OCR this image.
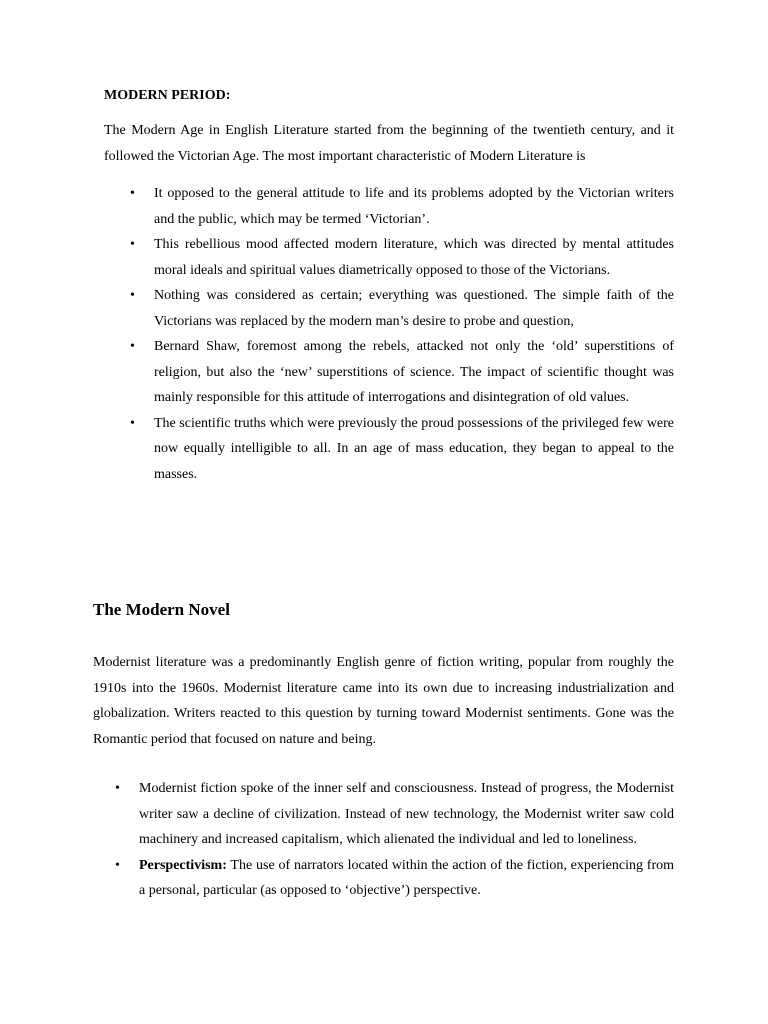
MODERN PERIOD:

The Modern Age in English Literature started from the beginning of the twentieth century, and it followed the Victorian Age. The most important characteristic of Modern Literature is

• It opposed to the general attitude to life and its problems adopted by the Victorian writers and the public, which may be termed ‘Victorian’.
• This rebellious mood affected modern literature, which was directed by mental attitudes moral ideals and spiritual values diametrically opposed to those of the Victorians.
• Nothing was considered as certain; everything was questioned. The simple faith of the Victorians was replaced by the modern man’s desire to probe and question,
• Bernard Shaw, foremost among the rebels, attacked not only the ‘old’ superstitions of religion, but also the ‘new’ superstitions of science. The impact of scientific thought was mainly responsible for this attitude of interrogations and disintegration of old values.
• The scientific truths which were previously the proud possessions of the privileged few were now equally intelligible to all. In an age of mass education, they began to appeal to the masses.
The Modern Novel

Modernist literature was a predominantly English genre of fiction writing, popular from roughly the 1910s into the 1960s. Modernist literature came into its own due to increasing industrialization and globalization. Writers reacted to this question by turning toward Modernist sentiments. Gone was the Romantic period that focused on nature and being.

• Modernist fiction spoke of the inner self and consciousness. Instead of progress, the Modernist writer saw a decline of civilization. Instead of new technology, the Modernist writer saw cold machinery and increased capitalism, which alienated the individual and led to loneliness.
• Perspectivism: The use of narrators located within the action of the fiction, experiencing from a personal, particular (as opposed to ‘objective’) perspective.
